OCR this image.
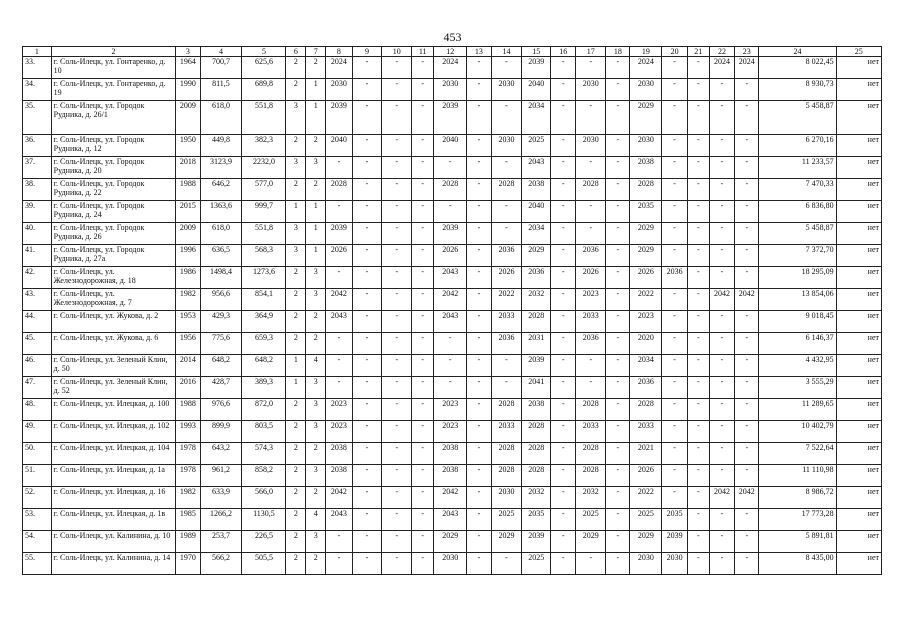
453
1	2	3	4	5	6	7	8	9	10	11	12	13	14	15	16	17	18	19	20	21	22	23	24	25
33.	г. Соль-Илецк, ул. Гонтаренко, д. 10	1964	700,7	625,6	2	2	2024	-	-	-	2024	-	-	2039	-	-	-	2024	-	-	2024	2024	8 022,45	нет
34.	г. Соль-Илецк, ул. Гонтаренко, д. 19	1990	811,5	689,8	2	1	2030	-	-	-	2030	-	2030	2040	-	2030	-	2030	-	-	-	-	8 930,73	нет
35.	г. Соль-Илецк, ул. Городок Рудника, д. 26/1	2009	618,0	551,8	3	1	2039	-	-	-	2039	-	-	2034	-	-	-	2029	-	-	-	-	5 458,87	нет
36.	г. Соль-Илецк, ул. Городок Рудника, д. 12	1950	449,8	382,3	2	2	2040	-	-	-	2040	-	2030	2025	-	2030	-	2030	-	-	-	-	6 270,16	нет
37.	г. Соль-Илецк, ул. Городок Рудника, д. 20	2018	3123,9	2232,0	3	3	-	-	-	-	-	-	-	2043	-	-	-	2038	-	-	-	-	11 233,57	нет
38.	г. Соль-Илецк, ул. Городок Рудника, д. 22	1988	646,2	577,0	2	2	2028	-	-	-	2028	-	2028	2038	-	2028	-	2028	-	-	-	-	7 470,33	нет
39.	г. Соль-Илецк, ул. Городок Рудника, д. 24	2015	1363,6	999,7	1	1	-	-	-	-	-	-	-	2040	-	-	-	2035	-	-	-	-	6 836,80	нет
40.	г. Соль-Илецк, ул. Городок Рудника, д. 26	2009	618,0	551,8	3	1	2039	-	-	-	2039	-	-	2034	-	-	-	2029	-	-	-	-	5 458,87	нет
41.	г. Соль-Илецк, ул. Городок Рудника, д. 27а	1996	636,5	568,3	3	1	2026	-	-	-	2026	-	2036	2029	-	2036	-	2029	-	-	-	-	7 372,70	нет
42.	г. Соль-Илецк, ул. Железнодорожная, д. 18	1986	1498,4	1273,6	2	3	-	-	-	-	2043	-	2026	2036	-	2026	-	2026	2036	-	-	-	18 295,09	нет
43.	г. Соль-Илецк, ул. Железнодорожная, д. 7	1982	956,6	854,1	2	3	2042	-	-	-	2042	-	2022	2032	-	2023	-	2022	-	-	2042	2042	13 854,06	нет
44.	г. Соль-Илецк, ул. Жукова, д. 2	1953	429,3	364,9	2	2	2043	-	-	-	2043	-	2033	2028	-	2033	-	2023	-	-	-	-	9 018,45	нет
45.	г. Соль-Илецк, ул. Жукова, д. 6	1956	775,6	659,3	2	2	-	-	-	-	-	-	2036	2031	-	2036	-	2020	-	-	-	-	6 146,37	нет
46.	г. Соль-Илецк, ул. Зеленый Клин, д. 50	2014	648,2	648,2	1	4	-	-	-	-	-	-	-	2039	-	-	-	2034	-	-	-	-	4 432,95	нет
47.	г. Соль-Илецк, ул. Зеленый Клин, д. 52	2016	428,7	389,3	1	3	-	-	-	-	-	-	-	2041	-	-	-	2036	-	-	-	-	3 555,29	нет
48.	г. Соль-Илецк, ул. Илецкая, д. 100	1988	976,6	872,0	2	3	2023	-	-	-	2023	-	2028	2038	-	2028	-	2028	-	-	-	-	11 289,65	нет
49.	г. Соль-Илецк, ул. Илецкая, д. 102	1993	899,9	803,5	2	3	2023	-	-	-	2023	-	2033	2028	-	2033	-	2033	-	-	-	-	10 402,79	нет
50.	г. Соль-Илецк, ул. Илецкая, д. 104	1978	643,2	574,3	2	2	2038	-	-	-	2038	-	2028	2028	-	2028	-	2021	-	-	-	-	7 522,64	нет
51.	г. Соль-Илецк, ул. Илецкая, д. 1а	1978	961,2	858,2	2	3	2038	-	-	-	2038	-	2028	2028	-	2028	-	2026	-	-	-	-	11 110,98	нет
52.	г. Соль-Илецк, ул. Илецкая, д. 16	1982	633,9	566,0	2	2	2042	-	-	-	2042	-	2030	2032	-	2032	-	2022	-	-	2042	2042	8 986,72	нет
53.	г. Соль-Илецк, ул. Илецкая, д. 1в	1985	1266,2	1130,5	2	4	2043	-	-	-	2043	-	2025	2035	-	2025	-	2025	2035	-	-	-	17 773,28	нет
54.	г. Соль-Илецк, ул. Калинина, д. 10	1989	253,7	226,5	2	3	-	-	-	-	2029	-	2029	2039	-	2029	-	2029	2039	-	-	-	5 891,81	нет
55.	г. Соль-Илецк, ул. Калинина, д. 14	1970	566,2	505,5	2	2	-	-	-	-	2030	-	-	2025	-	-	-	2030	2030	-	-	-	8 435,00	нет
